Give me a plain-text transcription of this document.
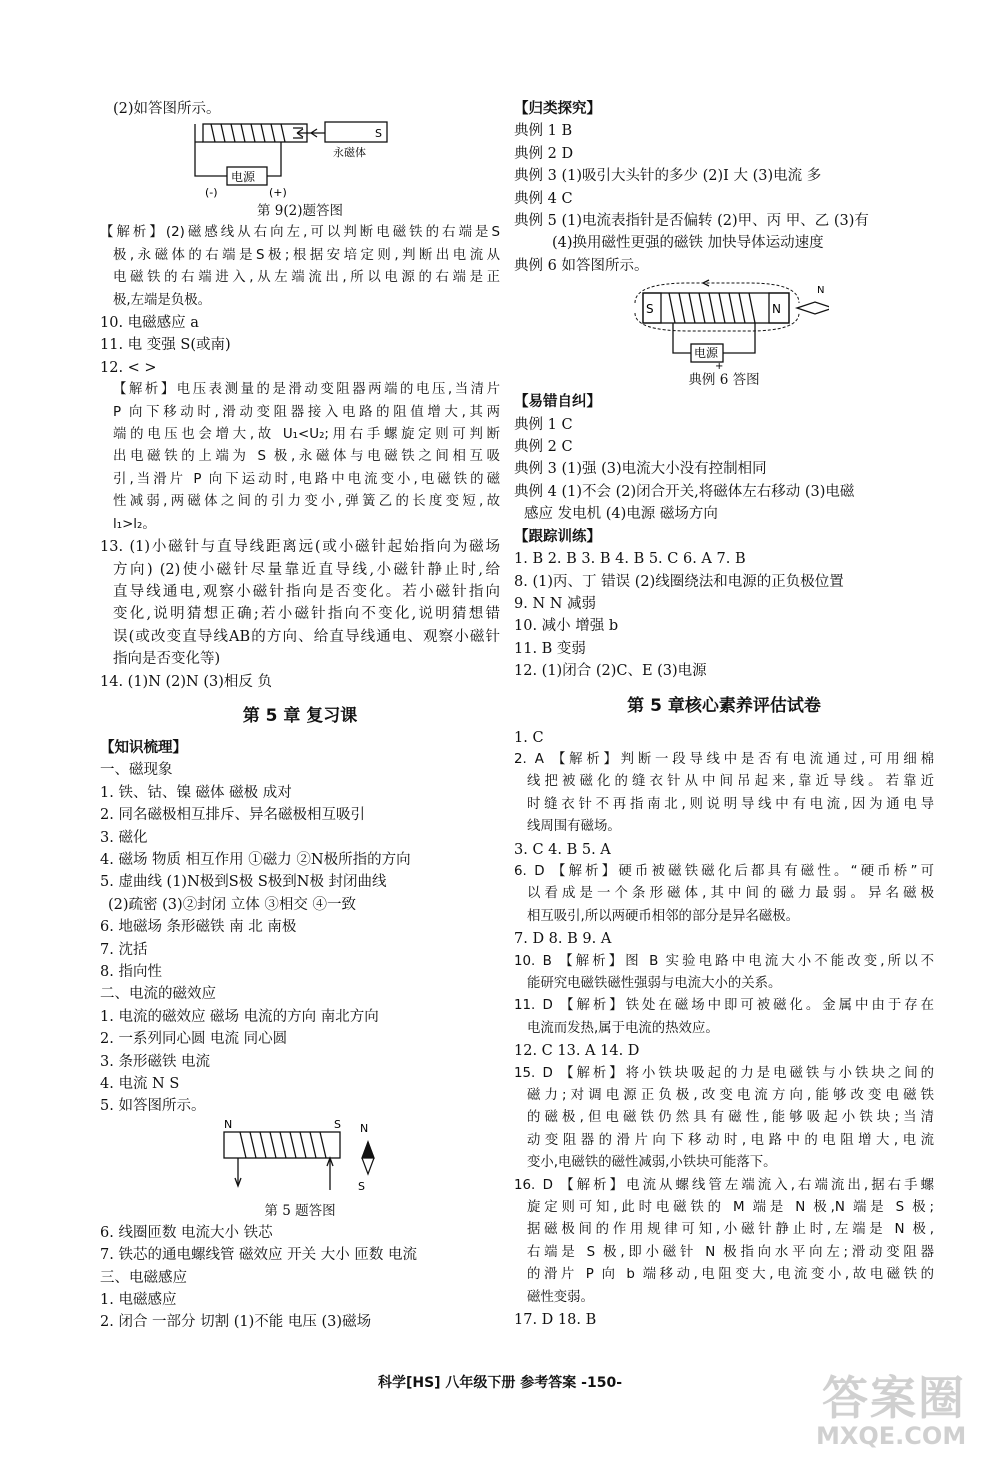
(2)如答图所示。
S
永磁体
电源
(-)	(+)
第 9(2)题答图
【解析】(2)磁感线从右向左,可以判断电磁铁的右端是S
极,永磁体的右端是S极;根据安培定则,判断出电流从
电磁铁的右端进入,从左端流出,所以电源的右端是正
极,左端是负极。
10. 电磁感应 a
11. 电 变强 S(或南)
12. < >
【解析】电压表测量的是滑动变阻器两端的电压,当清片
P 向下移动时,滑动变阻器接入电路的阻值增大,其两
端的电压也会增大,故 U₁<U₂;用右手螺旋定则可判断
出电磁铁的上端为 S 极,永磁体与电磁铁之间相互吸
引,当滑片 P 向下运动时,电路中电流变小,电磁铁的磁
性减弱,两磁体之间的引力变小,弹簧乙的长度变短,故
l₁>l₂。
13. (1)小磁针与直导线距离远(或小磁针起始指向为磁场
方向) (2)使小磁针尽量靠近直导线,小磁针静止时,给
直导线通电,观察小磁针指向是否变化。若小磁针指向
变化,说明猜想正确;若小磁针指向不变化,说明猜想错
误(或改变直导线AB的方向、给直导线通电、观察小磁针
指向是否变化等)
14. (1)N (2)N (3)相反 负
第 5 章 复习课
【知识梳理】
一、磁现象
1. 铁、钴、镍 磁体 磁极 成对
2. 同名磁极相互排斥、异名磁极相互吸引
3. 磁化
4. 磁场 物质 相互作用 ①磁力 ②N极所指的方向
5. 虚曲线 (1)N极到S极 S极到N极 封闭曲线
(2)疏密 (3)②封闭 立体 ③相交 ④一致
6. 地磁场 条形磁铁 南 北 南极
7. 沈括
8. 指向性
二、电流的磁效应
1. 电流的磁效应 磁场 电流的方向 南北方向
2. 一系列同心圆 电流 同心圆
3. 条形磁铁 电流
4. 电流 N S
5. 如答图所示。
N	S N
S
第 5 题答图
6. 线圈匝数 电流大小 铁芯
7. 铁芯的通电螺线管 磁效应 开关 大小 匝数 电流
三、电磁感应
1. 电磁感应
2. 闭合 一部分 切割 (1)不能 电压 (3)磁场
【归类探究】
典例 1 B
典例 2 D
典例 3 (1)吸引大头针的多少 (2)I 大 (3)电流 多
典例 4 C
典例 5 (1)电流表指针是否偏转 (2)甲、丙 甲、乙 (3)有
(4)换用磁性更强的磁铁 加快导体运动速度
典例 6 如答图所示。
S	N
N
电源
+
典例 6 答图
【易错自纠】
典例 1 C
典例 2 C
典例 3 (1)强 (3)电流大小没有控制相同
典例 4 (1)不会 (2)闭合开关,将磁体左右移动 (3)电磁
感应 发电机 (4)电源 磁场方向
【跟踪训练】
1. B 2. B 3. B 4. B 5. C 6. A 7. B
8. (1)丙、丁 错误 (2)线圈绕法和电源的正负极位置
9. N N 减弱
10. 减小 增强 b
11. B 变弱
12. (1)闭合 (2)C、E (3)电源
第 5 章核心素养评估试卷
1. C
2. A 【解析】判断一段导线中是否有电流通过,可用细棉
线把被磁化的缝衣针从中间吊起来,靠近导线。若靠近
时缝衣针不再指南北,则说明导线中有电流,因为通电导
线周围有磁场。
3. C 4. B 5. A
6. D 【解析】硬币被磁铁磁化后都具有磁性。“硬币桥”可
以看成是一个条形磁体,其中间的磁力最弱。异名磁极
相互吸引,所以两硬币相邻的部分是异名磁极。
7. D 8. B 9. A
10. B 【解析】图 B 实验电路中电流大小不能改变,所以不
能研究电磁铁磁性强弱与电流大小的关系。
11. D 【解析】铁处在磁场中即可被磁化。金属中由于存在
电流而发热,属于电流的热效应。
12. C 13. A 14. D
15. D 【解析】将小铁块吸起的力是电磁铁与小铁块之间的
磁力;对调电源正负极,改变电流方向,能够改变电磁铁
的磁极,但电磁铁仍然具有磁性,能够吸起小铁块;当清
动变阻器的滑片向下移动时,电路中的电阻增大,电流
变小,电磁铁的磁性减弱,小铁块可能落下。
16. D 【解析】电流从螺线管左端流入,右端流出,据右手螺
旋定则可知,此时电磁铁的 M 端是 N 极,N 端是 S 极;
据磁极间的作用规律可知,小磁针静止时,左端是 N 极,
右端是 S 极,即小磁针 N 极指向水平向左;滑动变阻器
的滑片 P 向 b 端移动,电阻变大,电流变小,故电磁铁的
磁性变弱。
17. D 18. B
科学[HS] 八年级下册 参考答案 -150-	答案圈
MXQE.COM
